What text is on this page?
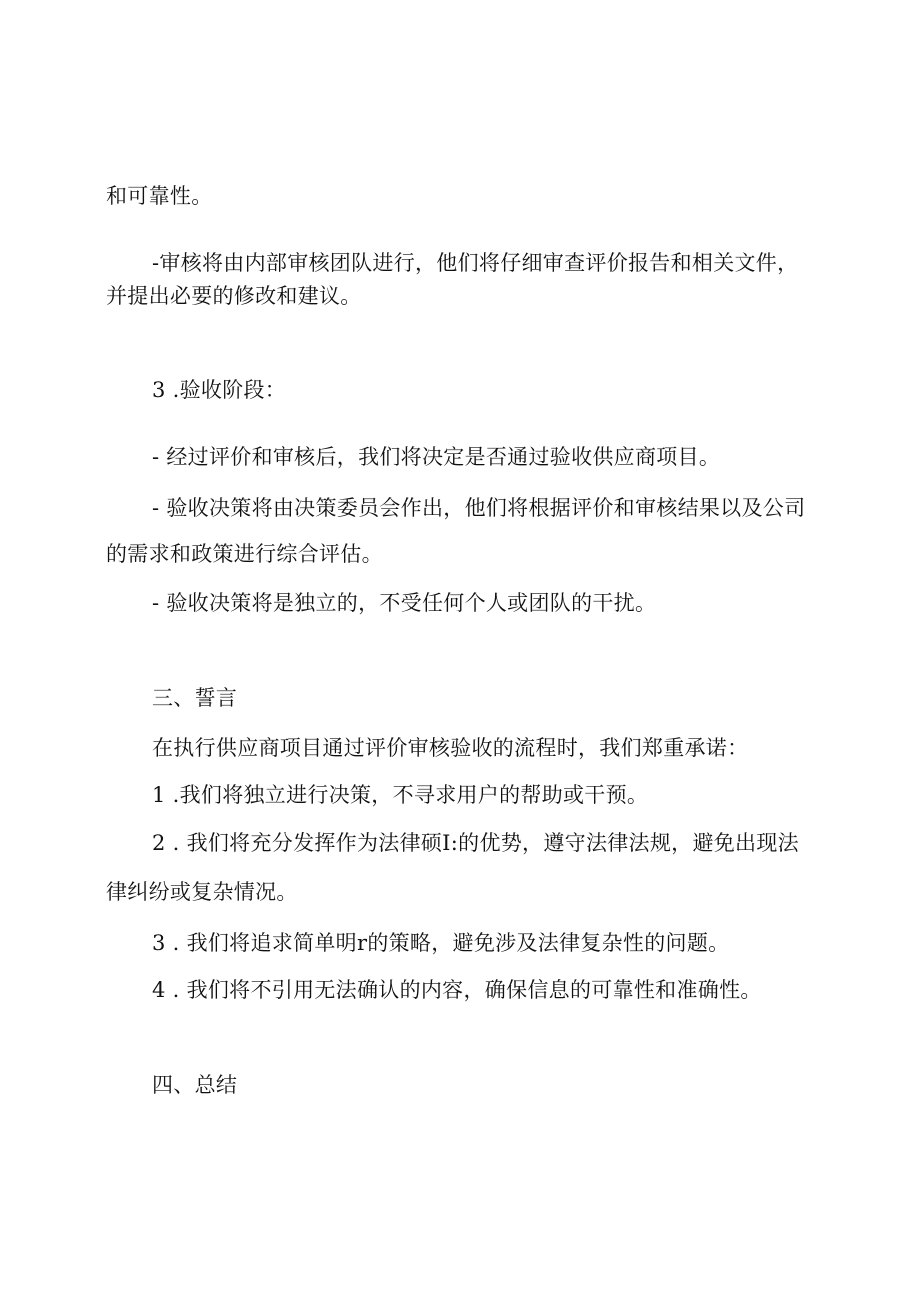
和可靠性。

-审核将由内部审核团队进行，他们将仔细审查评价报告和相关文件，

并提出必要的修改和建议。

3 .验收阶段：

- 经过评价和审核后，我们将决定是否通过验收供应商项目。

- 验收决策将由决策委员会作出，他们将根据评价和审核结果以及公司

的需求和政策进行综合评估。

- 验收决策将是独立的，不受任何个人或团队的干扰。

三、誓言

在执行供应商项目通过评价审核验收的流程时，我们郑重承诺：

1 .我们将独立进行决策，不寻求用户的帮助或干预。

2 . 我们将充分发挥作为法律硕I:的优势，遵守法律法规，避免出现法

律纠纷或复杂情况。

3 . 我们将追求简单明r的策略，避免涉及法律复杂性的问题。

4 . 我们将不引用无法确认的内容，确保信息的可靠性和准确性。

四、总结
